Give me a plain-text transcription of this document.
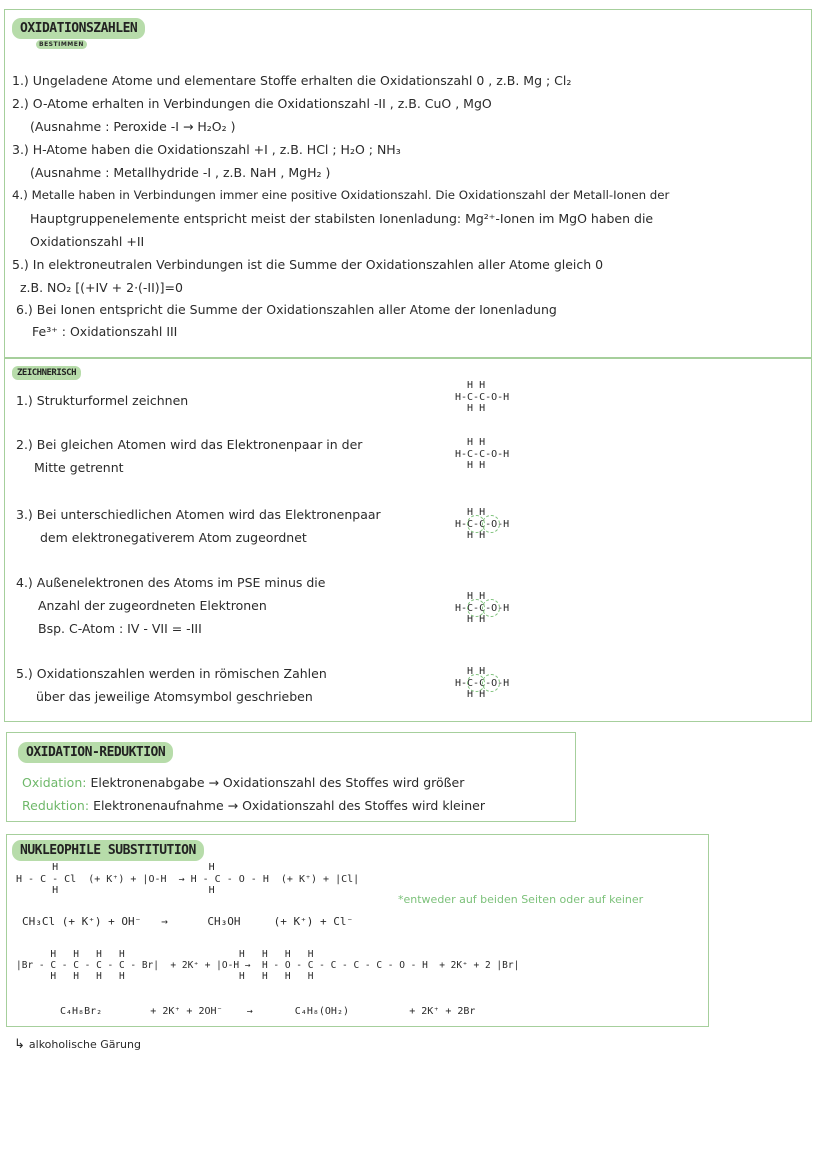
OXIDATIONSZAHLEN
BESTIMMEN
1.) Ungeladene Atome und elementare Stoffe erhalten die Oxidationszahl 0 , z.B. Mg ; Cl₂
2.) O-Atome erhalten in Verbindungen die Oxidationszahl -II , z.B. CuO , MgO
(Ausnahme : Peroxide -I → H₂O₂ )
3.) H-Atome haben die Oxidationszahl +I , z.B. HCl ; H₂O ; NH₃
(Ausnahme : Metallhydride -I , z.B. NaH , MgH₂ )
4.) Metalle haben in Verbindungen immer eine positive Oxidationszahl. Die Oxidationszahl der Metall-Ionen der
Hauptgruppenelemente entspricht meist der stabilsten Ionenladung: Mg²⁺-Ionen im MgO haben die
Oxidationszahl +II
5.) In elektroneutralen Verbindungen ist die Summe der Oxidationszahlen aller Atome gleich 0
z.B. NO₂ [(+IV + 2·(-II)]=0
6.) Bei Ionen entspricht die Summe der Oxidationszahlen aller Atome der Ionenladung
Fe³⁺ : Oxidationszahl III
ZEICHNERISCH
1.) Strukturformel zeichnen
2.) Bei gleichen Atomen wird das Elektronenpaar in der
Mitte getrennt
3.) Bei unterschiedlichen Atomen wird das Elektronenpaar
dem elektronegativerem Atom zugeordnet
4.) Außenelektronen des Atoms im PSE minus die
Anzahl der zugeordneten Elektronen
Bsp. C-Atom : IV - VII = -III
5.) Oxidationszahlen werden in römischen Zahlen
über das jeweilige Atomsymbol geschrieben
H H
H-C-C-O-H
H H
H H
H-C-C-O-H
H H
H H
H-C-C-O-H
H H
H H
H-C-C-O-H
H H
H H
H-C-C-O-H
H H
OXIDATION-REDUKTION
Oxidation: Elektronenabgabe → Oxidationszahl des Stoffes wird größer
Reduktion: Elektronenaufnahme → Oxidationszahl des Stoffes wird kleiner
NUKLEOPHILE SUBSTITUTION
H                         H
H - C - Cl  (+ K⁺) + |O-H  → H - C - O - H  (+ K⁺) + |Cl|
H                         H
*entweder auf beiden Seiten oder auf keiner
CH₃Cl (+ K⁺) + OH⁻   →      CH₃OH     (+ K⁺) + Cl⁻
H   H   H   H                    H   H   H   H
|Br - C - C - C - C - Br|  + 2K⁺ + |O-H →  H - O - C - C - C - C - O - H  + 2K⁺ + 2 |Br|
H   H   H   H                    H   H   H   H
C₄H₈Br₂        + 2K⁺ + 2OH⁻    →       C₄H₈(OH₂)          + 2K⁺ + 2Br
↳ alkoholische Gärung
